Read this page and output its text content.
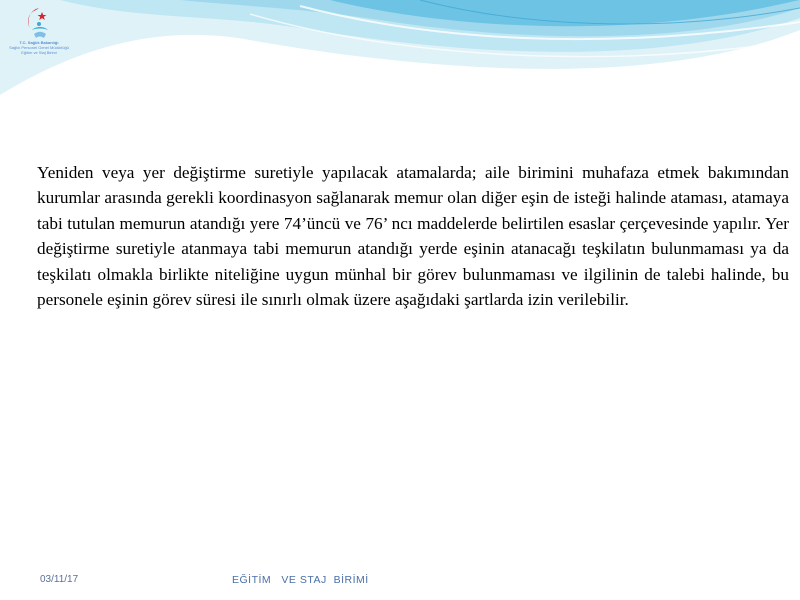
T.C. Sağlık Bakanlığı
Sağlık Personel Genel Müdürlüğü
Eğitim ve Staj Birimi

Yeniden veya yer değiştirme suretiyle yapılacak atamalarda; aile birimini muhafaza etmek bakımından kurumlar arasında gerekli koordinasyon sağlanarak memur olan diğer eşin de isteği halinde ataması, atamaya tabi tutulan memurun atandığı yere 74’üncü ve 76’ ncı maddelerde belirtilen esaslar çerçevesinde yapılır. Yer değiştirme suretiyle atanmaya tabi memurun atandığı yerde eşinin atanacağı teşkilatın bulunmaması ya da teşkilatı olmakla birlikte niteliğine uygun münhal bir görev bulunmaması ve ilgilinin de talebi halinde, bu personele eşinin görev süresi ile sınırlı olmak üzere aşağıdaki şartlarda izin verilebilir.

03/11/17	EĞİTİM   VE STAJ  BİRİMİ
